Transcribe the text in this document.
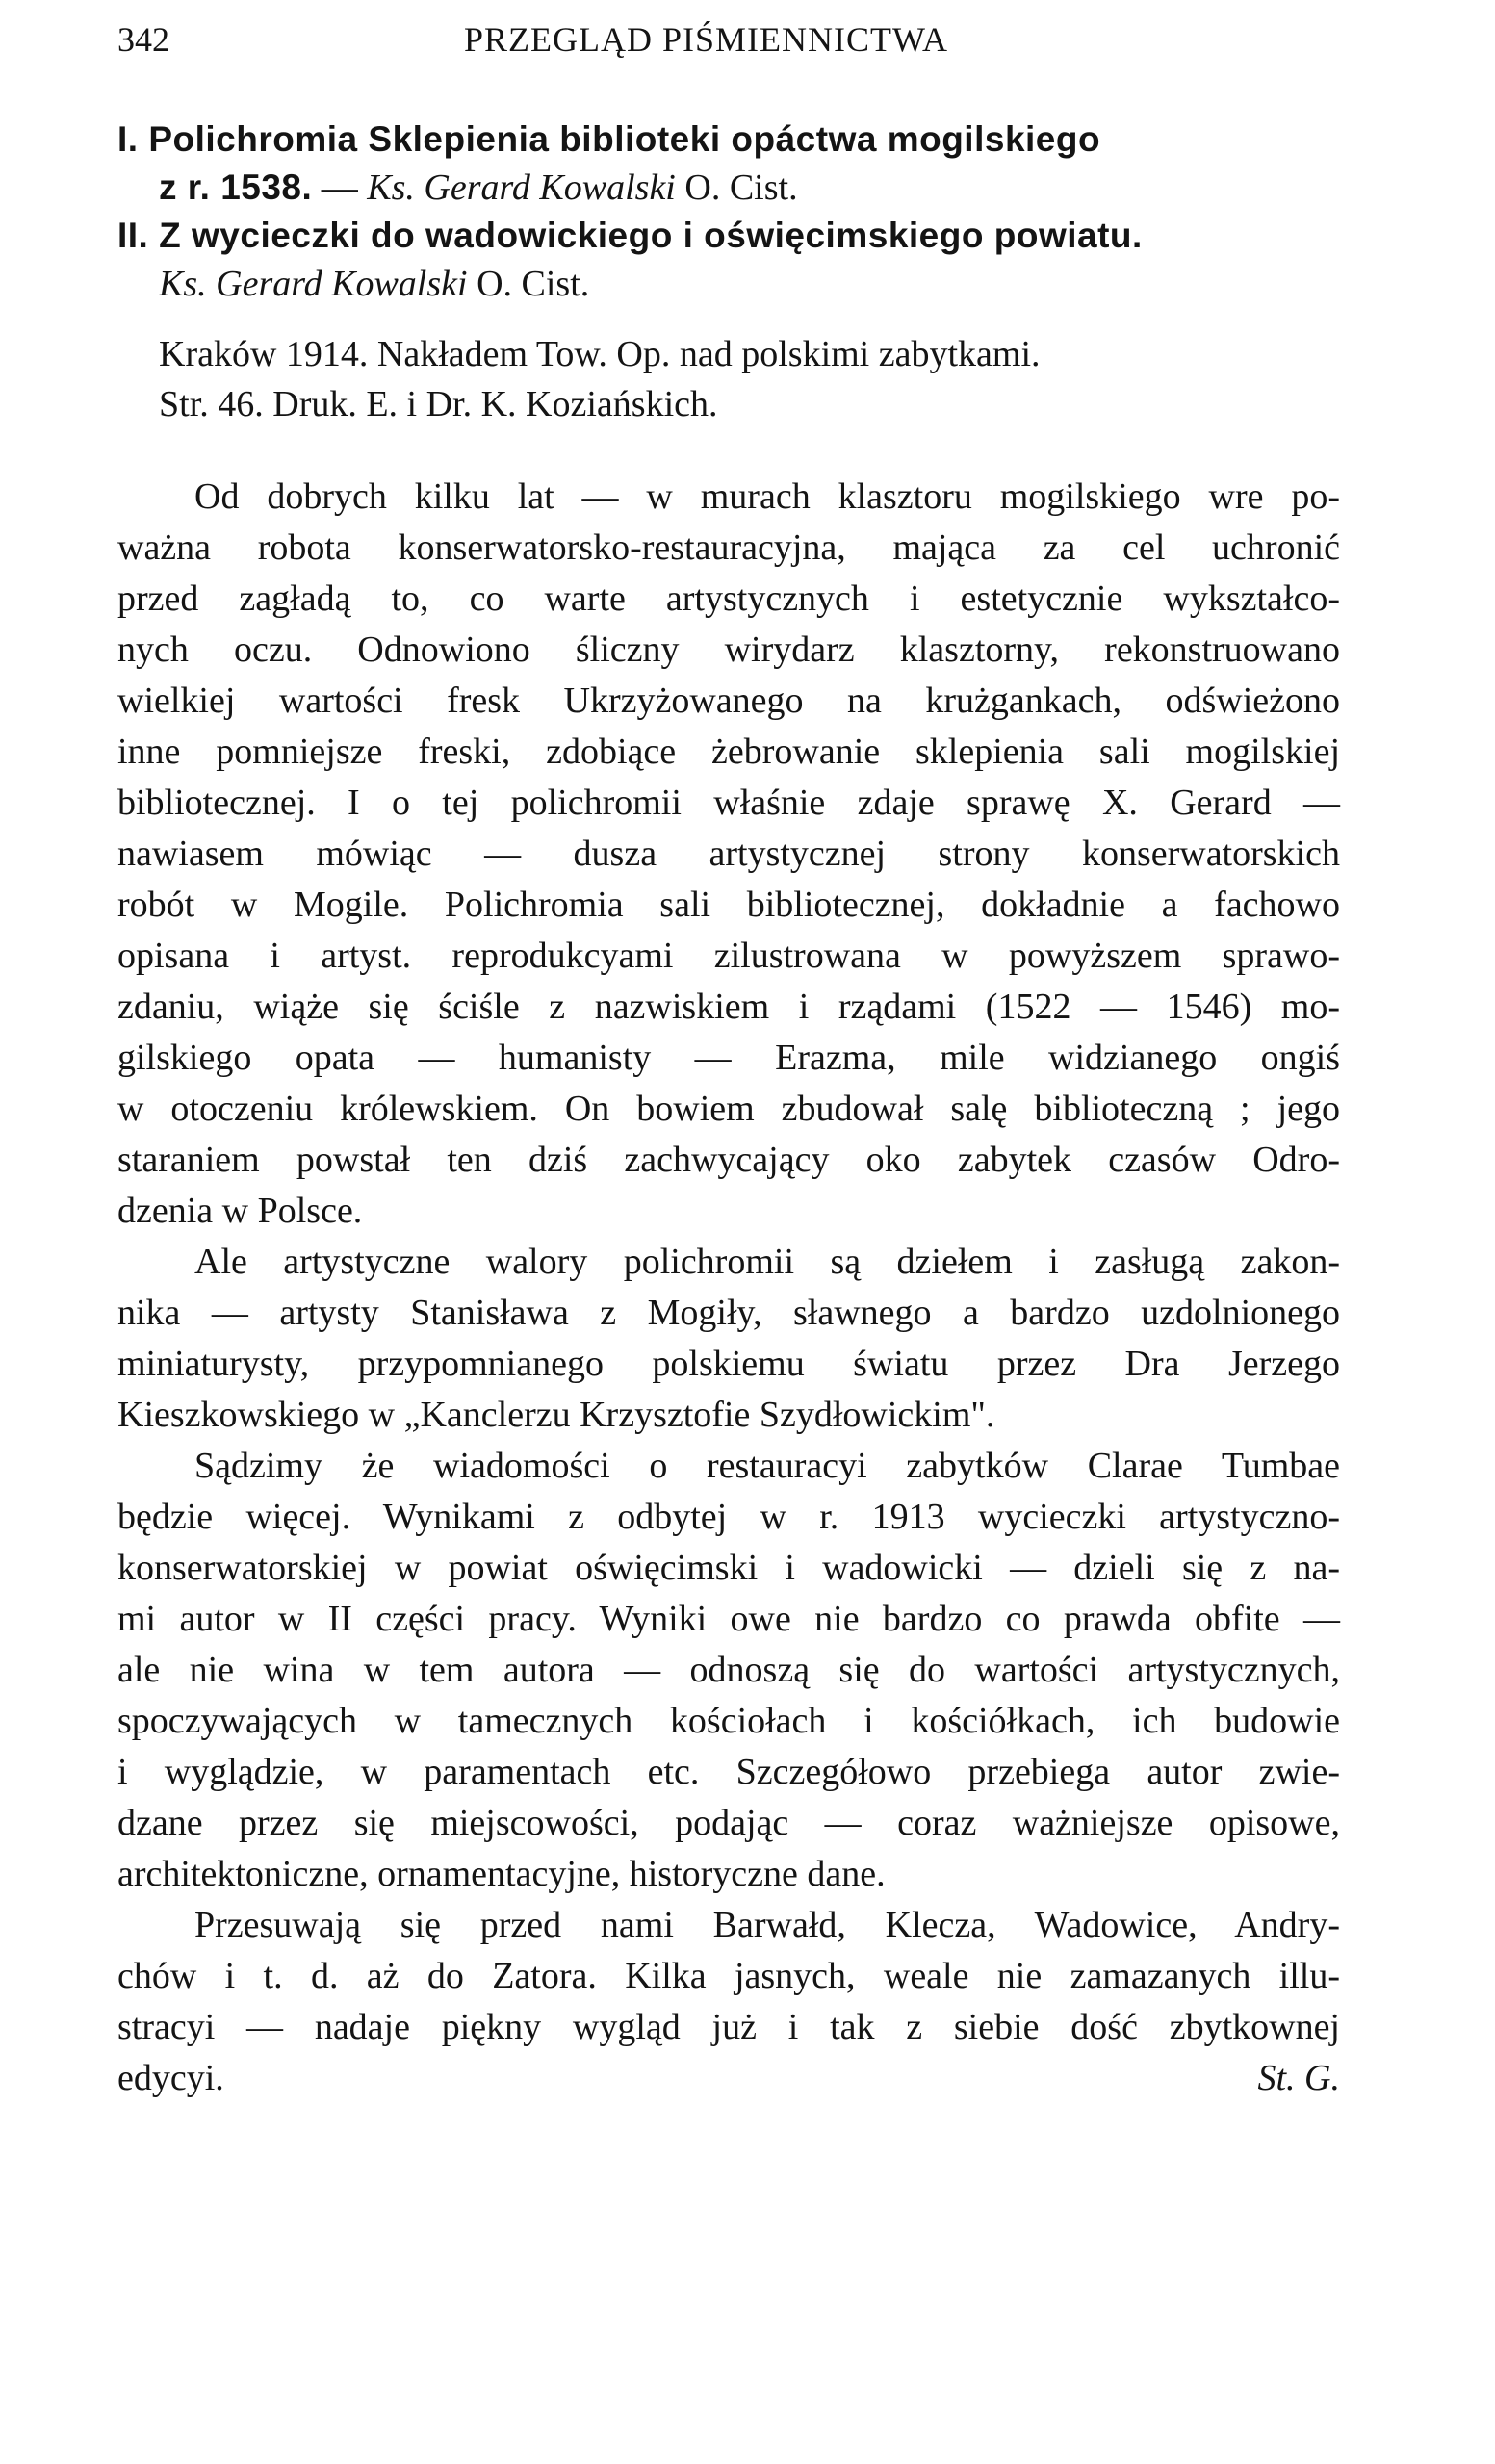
342	PRZEGLĄD PIŚMIENNICTWA
I. Polichromia Sklepienia biblioteki opáctwa mogilskiego
z r. 1538. — Ks. Gerard Kowalski O. Cist.
II. Z wycieczki do wadowickiego i oświęcimskiego powiatu.
Ks. Gerard Kowalski O. Cist.
Kraków 1914. Nakładem Tow. Op. nad polskimi zabytkami.
Str. 46. Druk. E. i Dr. K. Koziańskich.
Od dobrych kilku lat — w murach klasztoru mogilskiego wre po-
ważna robota konserwatorsko-restauracyjna, mająca za cel uchronić
przed zagładą to, co warte artystycznych i estetycznie wykształco-
nych oczu. Odnowiono śliczny wirydarz klasztorny, rekonstruowano
wielkiej wartości fresk Ukrzyżowanego na krużgankach, odświeżono
inne pomniejsze freski, zdobiące żebrowanie sklepienia sali mogilskiej
bibliotecznej. I o tej polichromii właśnie zdaje sprawę X. Gerard —
nawiasem mówiąc — dusza artystycznej strony konserwatorskich
robót w Mogile. Polichromia sali bibliotecznej, dokładnie a fachowo
opisana i artyst. reprodukcyami zilustrowana w powyższem sprawo-
zdaniu, wiąże się ściśle z nazwiskiem i rządami (1522 — 1546) mo-
gilskiego opata — humanisty — Erazma, mile widzianego ongiś
w otoczeniu królewskiem. On bowiem zbudował salę biblioteczną ; jego
staraniem powstał ten dziś zachwycający oko zabytek czasów Odro-
dzenia w Polsce.
Ale artystyczne walory polichromii są dziełem i zasługą zakon-
nika — artysty Stanisława z Mogiły, sławnego a bardzo uzdolnionego
miniaturysty, przypomnianego polskiemu światu przez Dra Jerzego
Kieszkowskiego w „Kanclerzu Krzysztofie Szydłowickim".
Sądzimy że wiadomości o restauracyi zabytków Clarae Tumbae
będzie więcej. Wynikami z odbytej w r. 1913 wycieczki artystyczno-
konserwatorskiej w powiat oświęcimski i wadowicki — dzieli się z na-
mi autor w II części pracy. Wyniki owe nie bardzo co prawda obfite —
ale nie wina w tem autora — odnoszą się do wartości artystycznych,
spoczywających w tamecznych kościołach i kościółkach, ich budowie
i wyglądzie, w paramentach etc. Szczegółowo przebiega autor zwie-
dzane przez się miejscowości, podając — coraz ważniejsze opisowe,
architektoniczne, ornamentacyjne, historyczne dane.
Przesuwają się przed nami Barwałd, Klecza, Wadowice, Andry-
chów i t. d. aż do Zatora. Kilka jasnych, weale nie zamazanych illu-
stracyi — nadaje piękny wygląd już i tak z siebie dość zbytkownej
edycyi.	St. G.
